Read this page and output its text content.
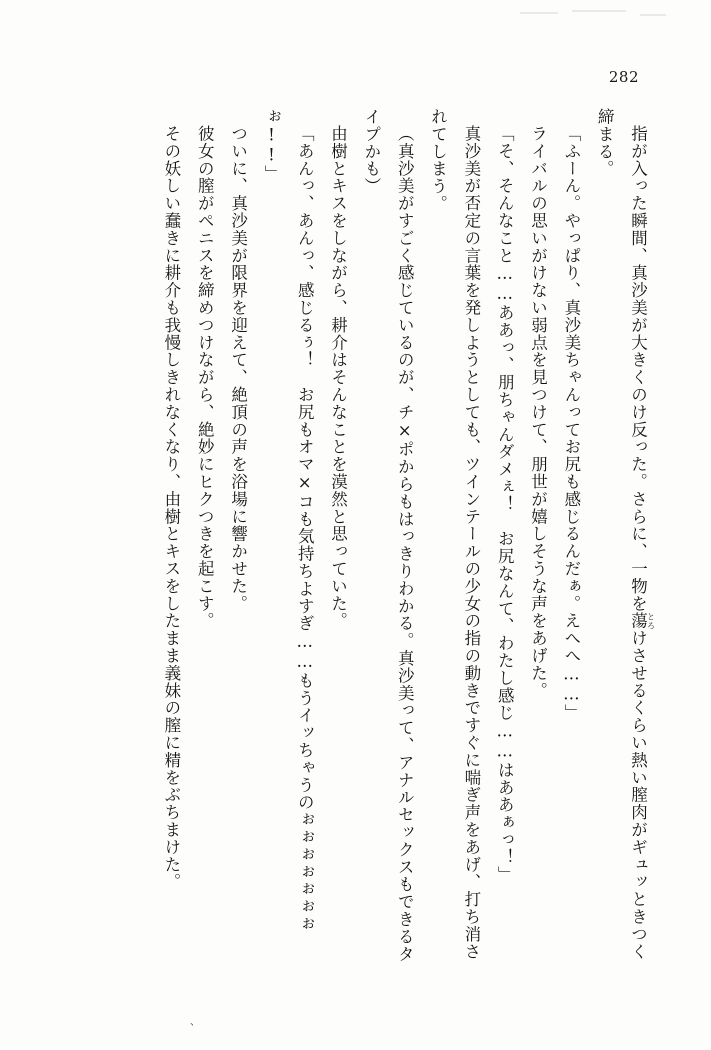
282

指が入った瞬間、真沙美が大きくのけ反った。さらに、一物を蕩 とろけさせるくらい熱い膣肉がギュッときつく締まる。

「ふーん。やっぱり、真沙美ちゃんってお尻も感じるんだぁ。えへへ……」

ライバルの思いがけない弱点を見つけて、朋世が嬉しそうな声をあげた。

「そ、そんなこと……ああっ、朋ちゃんダメぇ！　お尻なんて、わたし感じ……はああぁっ！」

真沙美が否定の言葉を発しようとしても、ツインテールの少女の指の動きですぐに喘ぎ声をあげ、打ち消されてしまう。

（真沙美がすごく感じているのが、チ×ポからもはっきりわかる。真沙美って、アナルセックスもできるタイプかも）

由樹とキスをしながら、耕介はそんなことを漠然と思っていた。

「あんっ、あんっ、感じるぅ！　お尻もオマ×コも気持ちよすぎ……もうイッちゃうのぉぉぉぉぉぉぉぉ!!」

ついに、真沙美が限界を迎えて、絶頂の声を浴場に響かせた。

彼女の膣がペニスを締めつけながら、絶妙にヒクつきを起こす。

その妖しい蠢きに耕介も我慢しきれなくなり、由樹とキスをしたまま義妹の膣に精をぶちまけた。

、
